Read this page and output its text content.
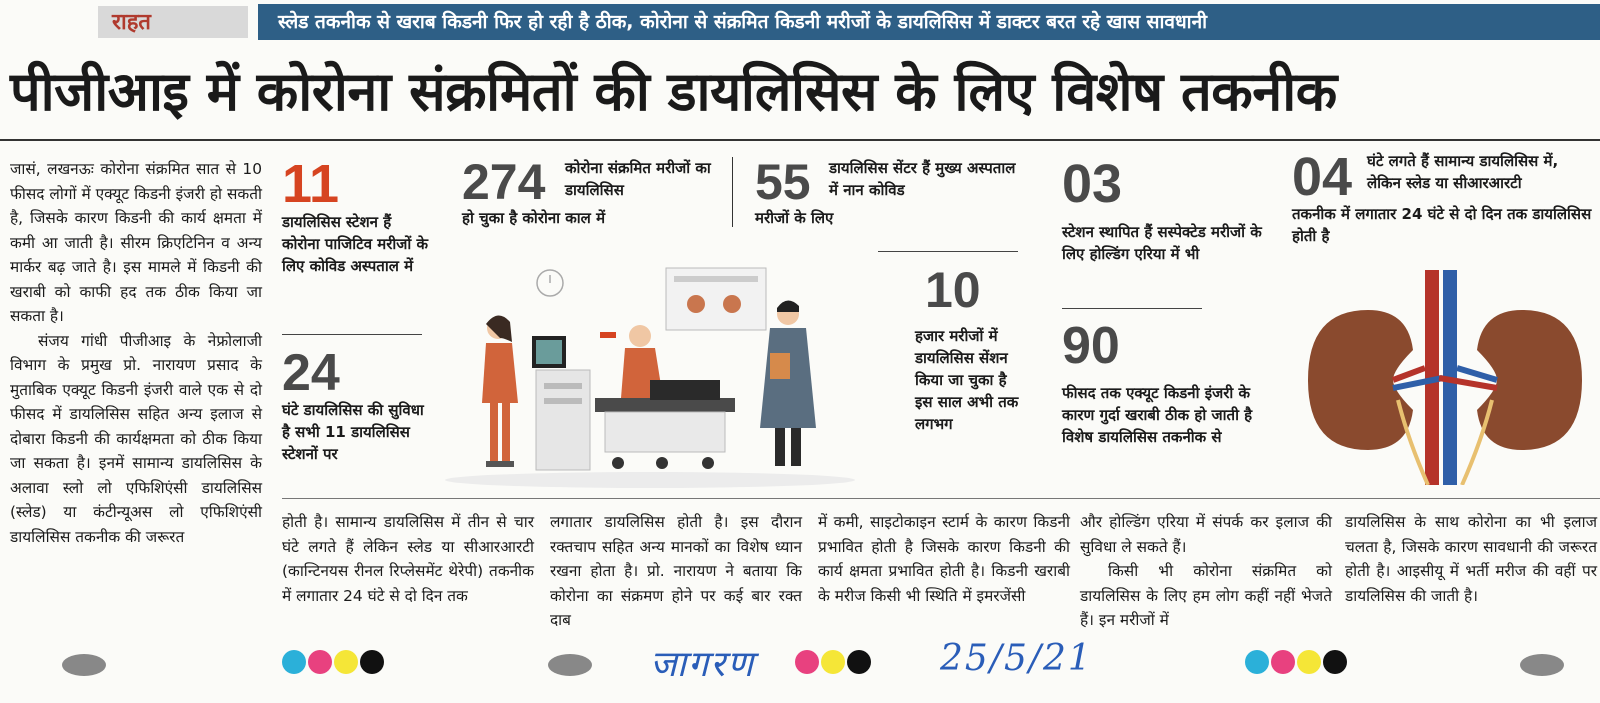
राहत	स्लेड तकनीक से खराब किडनी फिर हो रही है ठीक, कोरोना से संक्रमित किडनी मरीजों के डायलिसिस में डाक्टर बरत रहे खास सावधानी
पीजीआइ में कोरोना संक्रमितों की डायलिसिस के लिए विशेष तकनीक

जासं, लखनऊः कोरोना संक्रमित सात से 10 फीसद लोगों में एक्यूट किडनी इंजरी हो सकती है, जिसके कारण किडनी की कार्य क्षमता में कमी आ जाती है। सीरम क्रिएटिनिन व अन्य मार्कर बढ़ जाते है। इस मामले में किडनी की खराबी को काफी हद तक ठीक किया जा सकता है।

संजय गांधी पीजीआइ के नेफ्रोलाजी विभाग के प्रमुख प्रो. नारायण प्रसाद के मुताबिक एक्यूट किडनी इंजरी वाले एक से दो फीसद में डायलिसिस सहित अन्य इलाज से दोबारा किडनी की कार्यक्षमता को ठीक किया जा सकता है। इनमें सामान्य डायलिसिस के अलावा स्लो लो एफिशिएंसी डायलिसिस (स्लेड) या कंटीन्यूअस लो एफिशिएंसी डायलिसिस तकनीक की जरूरत

11
डायलिसिस स्टेशन हैं कोरोना पाजिटिव मरीजों के लिए कोविड अस्पताल में
24
घंटे डायलिसिस की सुविधा है सभी 11 डायलिसिस स्टेशनों पर
274 कोरोना संक्रमित मरीजों का डायलिसिस
हो चुका है कोरोना काल में
55 डायलिसिस सेंटर हैं मुख्य अस्पताल में नान कोविड
मरीजों के लिए
10
हजार मरीजों में डायलिसिस सेंशन किया जा चुका है इस साल अभी तक लगभग
03
स्टेशन स्थापित हैं सस्पेक्टेड मरीजों के लिए होल्डिंग एरिया में भी
90
फीसद तक एक्यूट किडनी इंजरी के कारण गुर्दा खराबी ठीक हो जाती है विशेष डायलिसिस तकनीक से
04 घंटे लगते हैं सामान्य डायलिसिस में, लेकिन स्लेड या सीआरआरटी
तकनीक में लगातार 24 घंटे से दो दिन तक डायलिसिस होती है

होती है। सामान्य डायलिसिस में तीन से चार घंटे लगते हैं लेकिन स्लेड या सीआरआरटी (कान्टिनयस रीनल रिप्लेसमेंट थेरेपी) तकनीक में लगातार 24 घंटे से दो दिन तक

लगातार डायलिसिस होती है। इस दौरान रक्तचाप सहित अन्य मानकों का विशेष ध्यान रखना होता है। प्रो. नारायण ने बताया कि कोरोना का संक्रमण होने पर कई बार रक्त दाब

में कमी, साइटोकाइन स्टार्म के कारण किडनी प्रभावित होती है जिसके कारण किडनी की कार्य क्षमता प्रभावित होती है। किडनी खराबी के मरीज किसी भी स्थिति में इमरजेंसी

और होल्डिंग एरिया में संपर्क कर इलाज की सुविधा ले सकते हैं।

किसी भी कोरोना संक्रमित को डायलिसिस के लिए हम लोग कहीं नहीं भेजते हैं। इन मरीजों में

डायलिसिस के साथ कोरोना का भी इलाज चलता है, जिसके कारण सावधानी की जरूरत होती है। आइसीयू में भर्ती मरीज की वहीं पर डायलिसिस की जाती है।

जागरण	25/5/21
